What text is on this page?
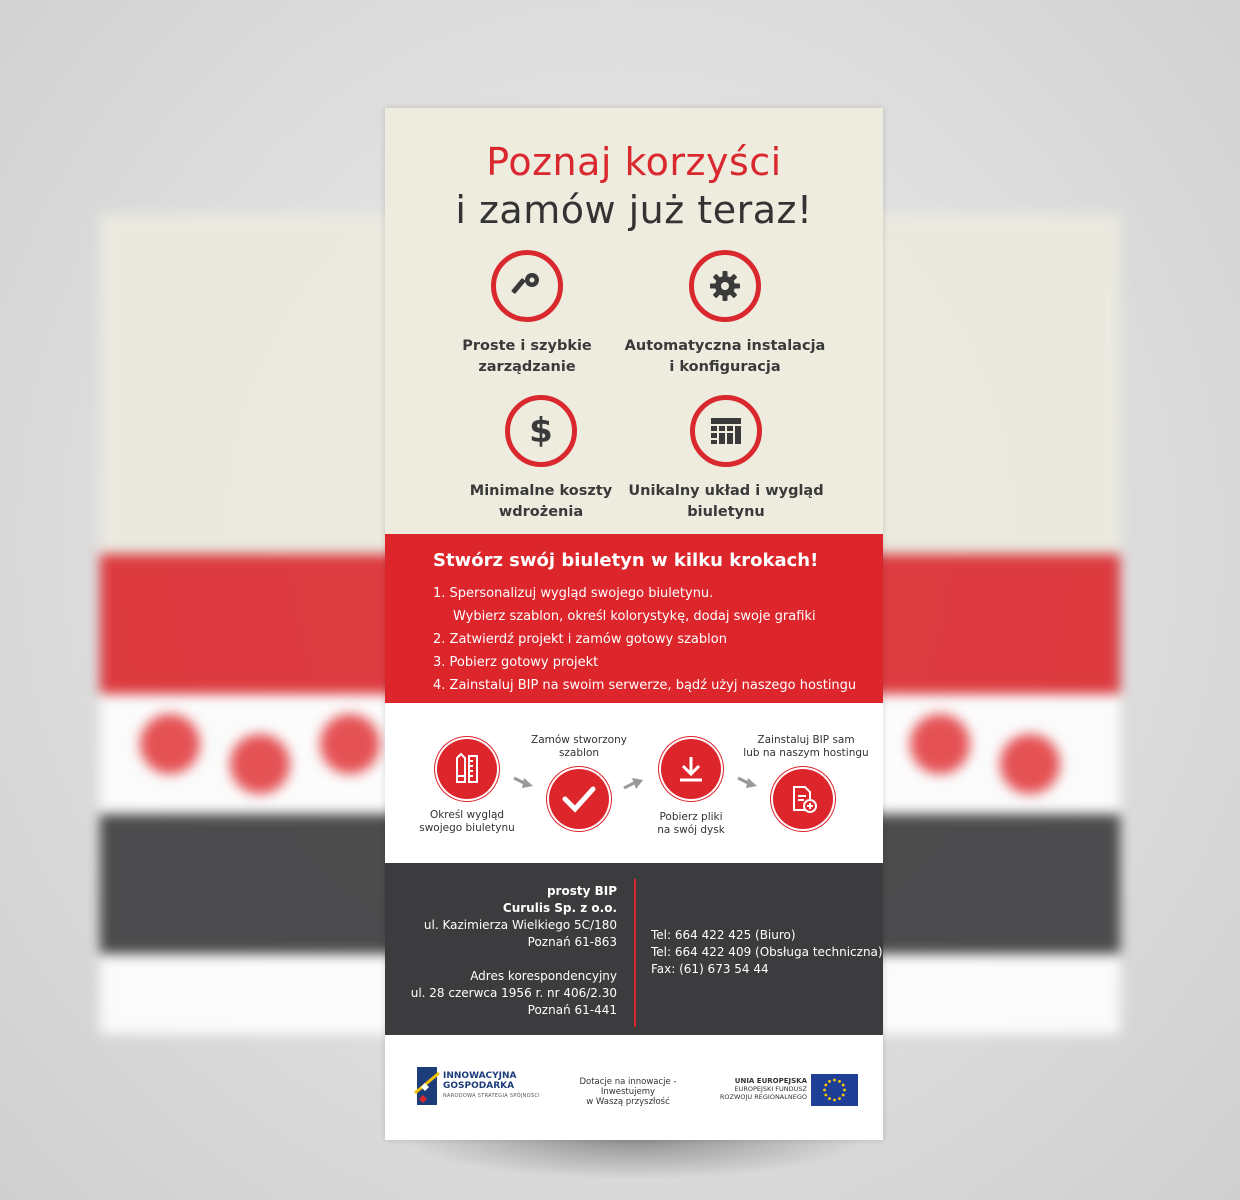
Poznaj korzyści
i zamów już teraz!
Proste i szybkie
zarządzanie
Automatyczna instalacja
i konfiguracja
$
Minimalne koszty
wdrożenia
Unikalny układ i wygląd
biuletynu
Stwórz swój biuletyn w kilku krokach!
1. Spersonalizuj wygląd swojego biuletynu.
Wybierz szablon, określ kolorystykę, dodaj swoje grafiki
2. Zatwierdź projekt i zamów gotowy szablon
3. Pobierz gotowy projekt
4. Zainstaluj BIP na swoim serwerze, bądź użyj naszego hostingu
Określ wygląd
swojego biuletynu
Zamów stworzony
szablon
Pobierz pliki
na swój dysk
Zainstaluj BIP sam
lub na naszym hostingu
prosty BIP
Curulis Sp. z o.o.
ul. Kazimierza Wielkiego 5C/180
Poznań 61-863
Adres korespondencyjny
ul. 28 czerwca 1956 r. nr 406/2.30
Poznań 61-441
Tel: 664 422 425 (Biuro)
Tel: 664 422 409 (Obsługa techniczna)
Fax: (61) 673 54 44
INNOWACYJNA
GOSPODARKA
NARODOWA STRATEGIA SPÓJNOŚCI
Dotacje na innowacje - Inwestujemy
w Waszą przyszłość
UNIA EUROPEJSKA
EUROPEJSKI FUNDUSZ
ROZWOJU REGIONALNEGO
